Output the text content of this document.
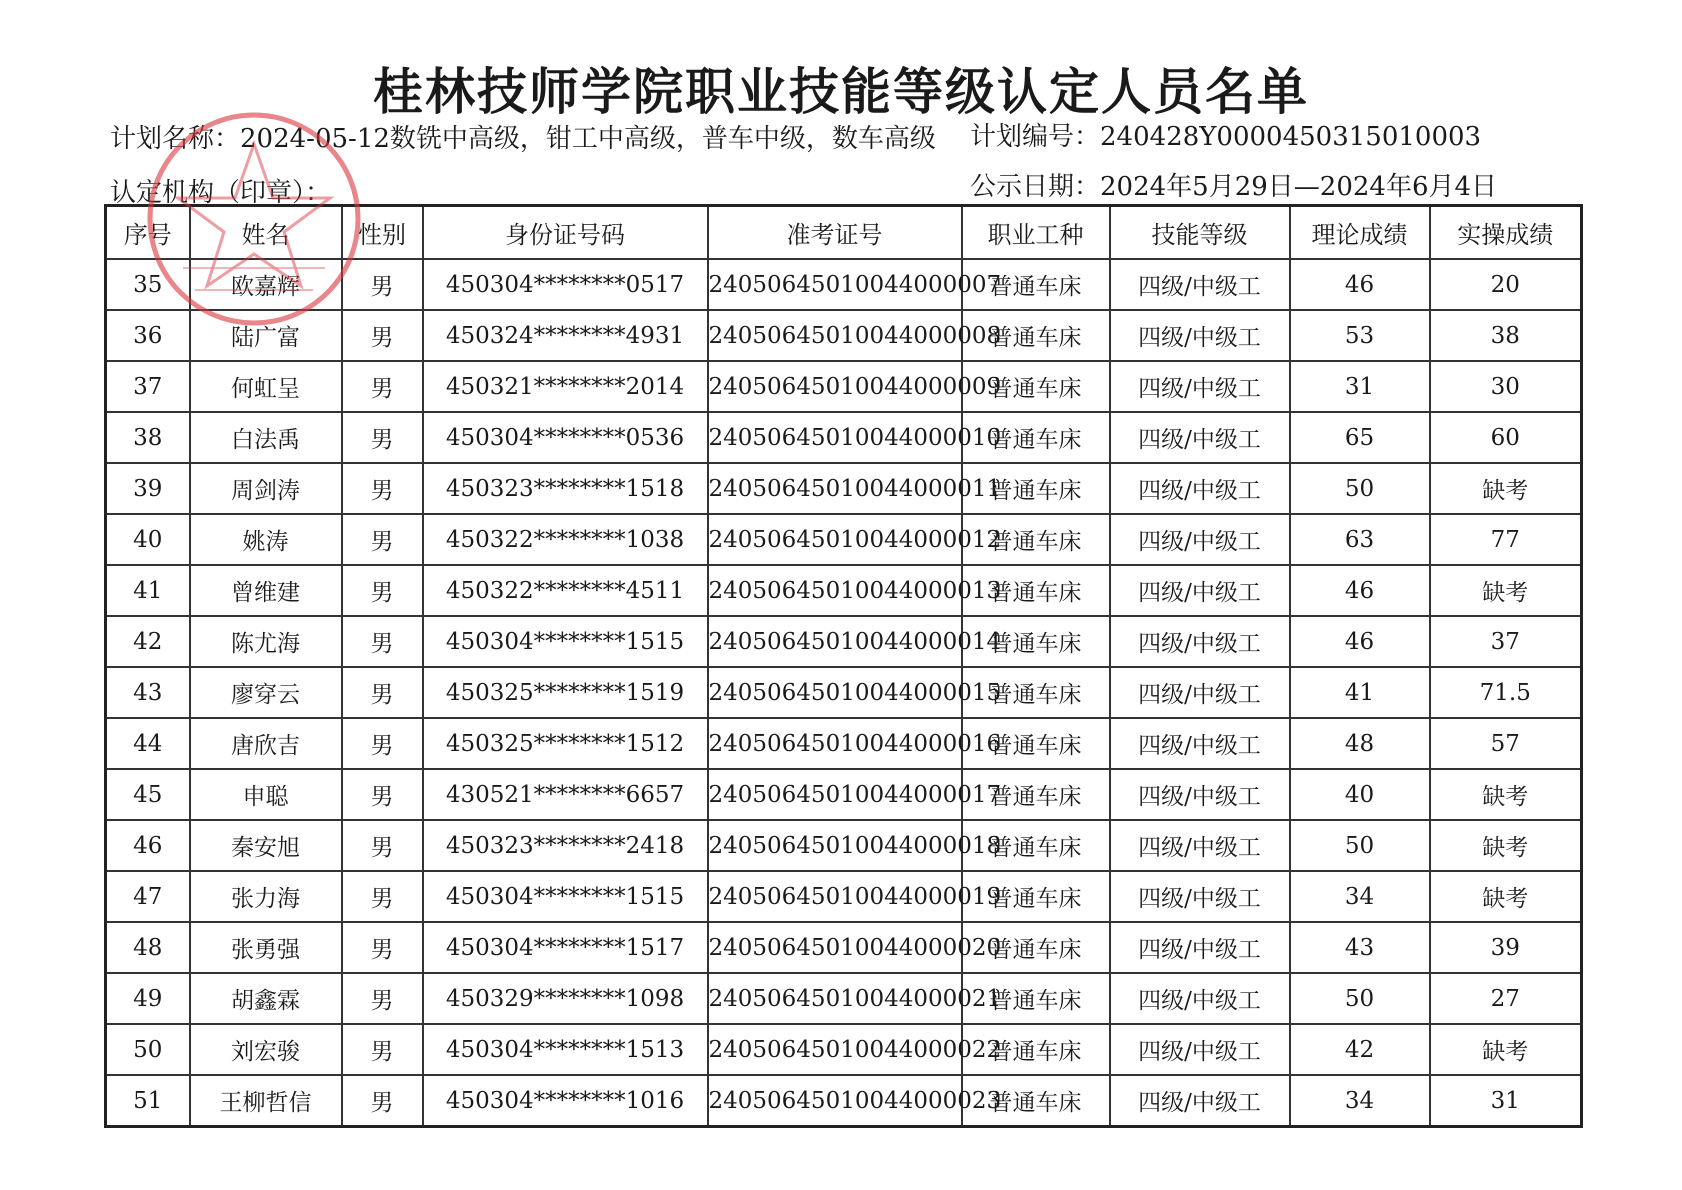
桂林技师学院职业技能等级认定人员名单
计划名称：2024-05-12数铣中高级，钳工中高级，普车中级，数车高级	计划编号：240428Y0000450315010003
认定机构（印章）：	公示日期：2024年5月29日—2024年6月4日
序号	姓名	性别	身份证号码	准考证号	职业工种	技能等级	理论成绩	实操成绩
35	欧嘉辉	男	450304********0517	24050645010044000007	普通车床	四级/中级工	46	20
36	陆广富	男	450324********4931	24050645010044000008	普通车床	四级/中级工	53	38
37	何虹呈	男	450321********2014	24050645010044000009	普通车床	四级/中级工	31	30
38	白法禹	男	450304********0536	24050645010044000010	普通车床	四级/中级工	65	60
39	周剑涛	男	450323********1518	24050645010044000011	普通车床	四级/中级工	50	缺考
40	姚涛	男	450322********1038	24050645010044000012	普通车床	四级/中级工	63	77
41	曾维建	男	450322********4511	24050645010044000013	普通车床	四级/中级工	46	缺考
42	陈尤海	男	450304********1515	24050645010044000014	普通车床	四级/中级工	46	37
43	廖穿云	男	450325********1519	24050645010044000015	普通车床	四级/中级工	41	71.5
44	唐欣吉	男	450325********1512	24050645010044000016	普通车床	四级/中级工	48	57
45	申聪	男	430521********6657	24050645010044000017	普通车床	四级/中级工	40	缺考
46	秦安旭	男	450323********2418	24050645010044000018	普通车床	四级/中级工	50	缺考
47	张力海	男	450304********1515	24050645010044000019	普通车床	四级/中级工	34	缺考
48	张勇强	男	450304********1517	24050645010044000020	普通车床	四级/中级工	43	39
49	胡鑫霖	男	450329********1098	24050645010044000021	普通车床	四级/中级工	50	27
50	刘宏骏	男	450304********1513	24050645010044000022	普通车床	四级/中级工	42	缺考
51	王柳哲信	男	450304********1016	24050645010044000023	普通车床	四级/中级工	34	31
